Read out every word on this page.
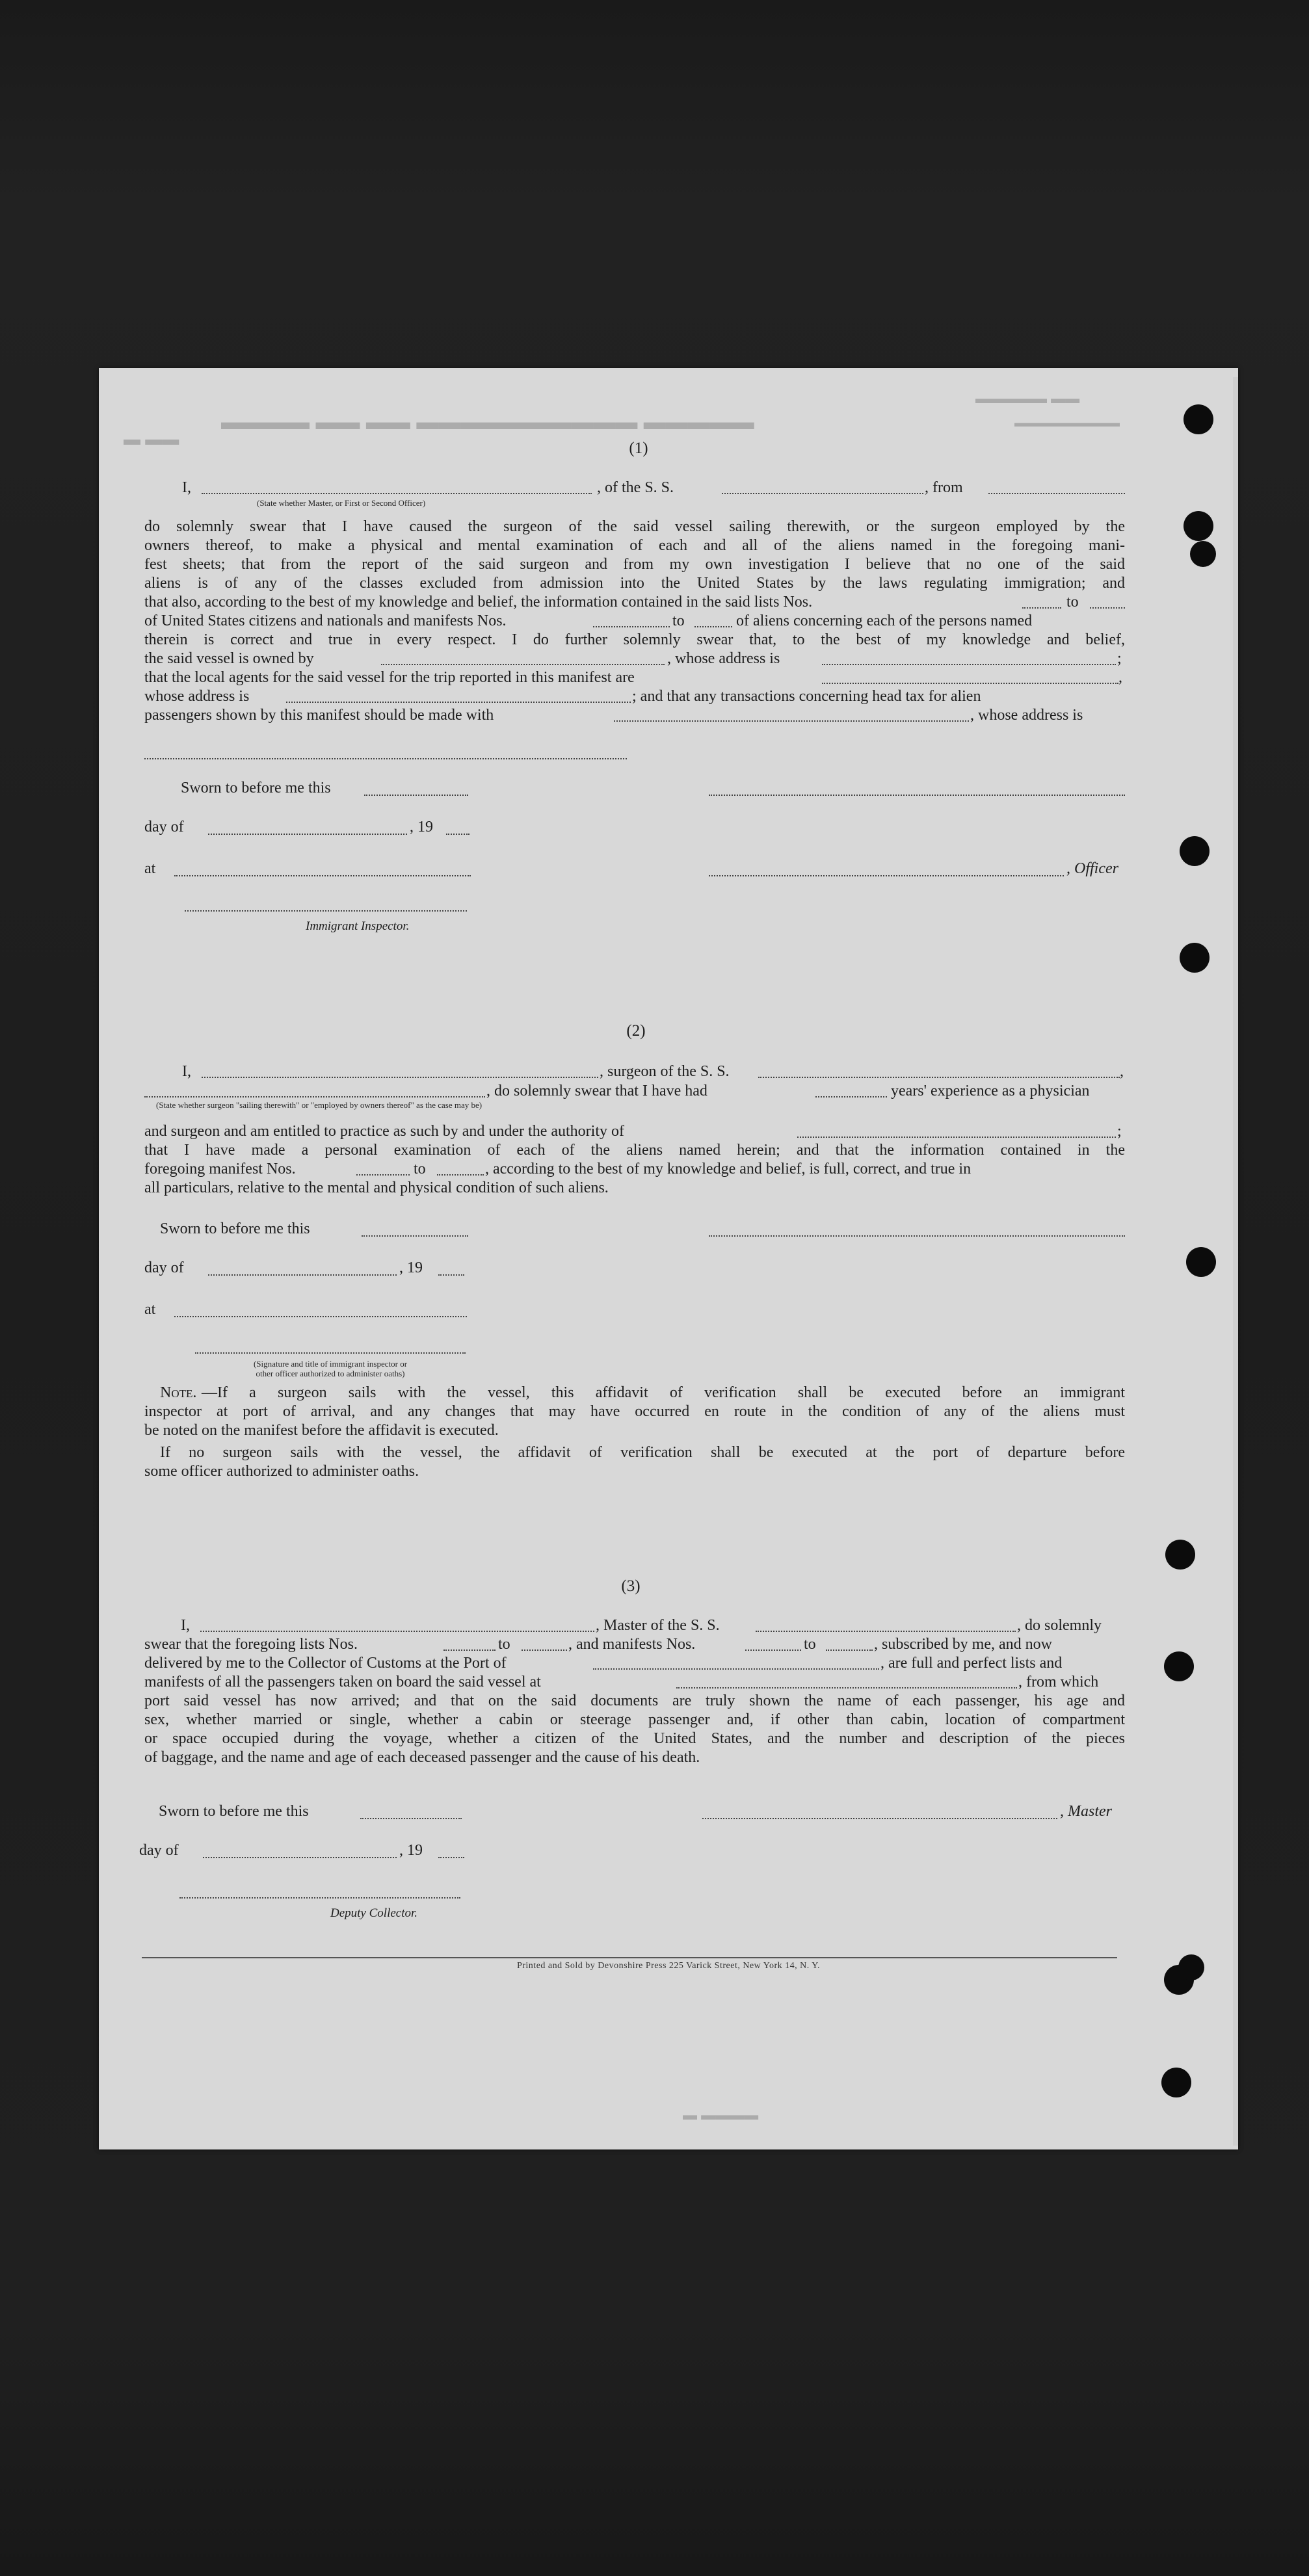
▬▬▬▬ ▬▬ ▬▬ ▬▬▬▬▬▬▬▬▬▬ ▬▬▬▬▬
▬ ▬▬
▬▬▬▬▬ ▬▬
▬▬▬▬▬▬▬▬▬
▬ ▬▬▬▬
(1)
I,	, of the S. S.	, from
(State whether Master, or First or Second Officer)
do solemnly swear that I have caused the surgeon of the said vessel sailing therewith, or the surgeon employed by the
owners thereof, to make a physical and mental examination of each and all of the aliens named in the foregoing mani-
fest sheets; that from the report of the said surgeon and from my own investigation I believe that no one of the said
aliens is of any of the classes excluded from admission into the United States by the laws regulating immigration; and
that also, according to the best of my knowledge and belief, the information contained in the said lists Nos.	to
of United States citizens and nationals and manifests Nos.	to	of aliens concerning each of the persons named
therein is correct and true in every respect. I do further solemnly swear that, to the best of my knowledge and belief,
the said vessel is owned by	, whose address is	;
that the local agents for the said vessel for the trip reported in this manifest are	,
whose address is	; and that any transactions concerning head tax for alien
passengers shown by this manifest should be made with	, whose address is
Sworn to before me this
day of	, 19
at	, Officer
Immigrant Inspector.
(2)
I,	, surgeon of the S. S.	,
, do solemnly swear that I have had	years' experience as a physician
(State whether surgeon "sailing therewith" or "employed by owners thereof" as the case may be)
and surgeon and am entitled to practice as such by and under the authority of	;
that I have made a personal examination of each of the aliens named herein; and that the information contained in the
foregoing manifest Nos.	to	, according to the best of my knowledge and belief, is full, correct, and true in
all particulars, relative to the mental and physical condition of such aliens.
Sworn to before me this
day of	, 19
at
(Signature and title of immigrant inspector or
other officer authorized to administer oaths)
Note. —If a surgeon sails with the vessel, this affidavit of verification shall be executed before an immigrant
inspector at port of arrival, and any changes that may have occurred en route in the condition of any of the aliens must
be noted on the manifest before the affidavit is executed.
If no surgeon sails with the vessel, the affidavit of verification shall be executed at the port of departure before
some officer authorized to administer oaths.
(3)
I,	, Master of the S. S.	, do solemnly
swear that the foregoing lists Nos.	to	, and manifests Nos.	to	, subscribed by me, and now
delivered by me to the Collector of Customs at the Port of	, are full and perfect lists and
manifests of all the passengers taken on board the said vessel at	, from which
port said vessel has now arrived; and that on the said documents are truly shown the name of each passenger, his age and
sex, whether married or single, whether a cabin or steerage passenger and, if other than cabin, location of compartment
or space occupied during the voyage, whether a citizen of the United States, and the number and description of the pieces
of baggage, and the name and age of each deceased passenger and the cause of his death.
Sworn to before me this	, Master
day of	, 19
Deputy Collector.
Printed and Sold by Devonshire Press 225 Varick Street, New York 14, N. Y.
